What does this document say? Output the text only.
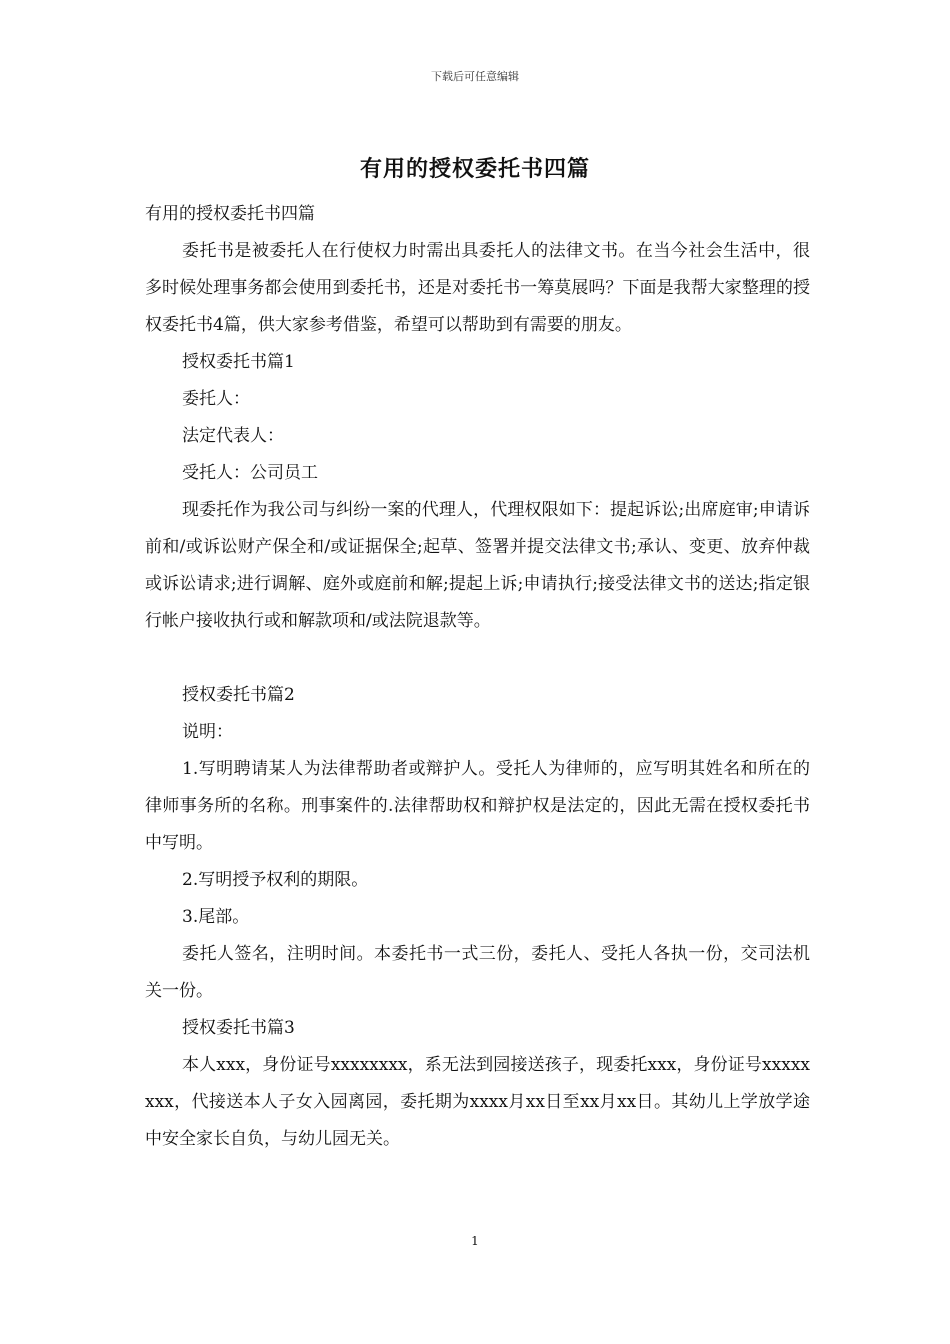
下载后可任意编辑
有用的授权委托书四篇

有用的授权委托书四篇

委托书是被委托人在行使权力时需出具委托人的法律文书。在当今社会生活中，很多时候处理事务都会使用到委托书，还是对委托书一筹莫展吗？下面是我帮大家整理的授权委托书4篇，供大家参考借鉴，希望可以帮助到有需要的朋友。

授权委托书篇1

委托人：

法定代表人：

受托人：公司员工

现委托作为我公司与纠纷一案的代理人，代理权限如下：提起诉讼;出席庭审;申请诉前和/或诉讼财产保全和/或证据保全;起草、签署并提交法律文书;承认、变更、放弃仲裁或诉讼请求;进行调解、庭外或庭前和解;提起上诉;申请执行;接受法律文书的送达;指定银行帐户接收执行或和解款项和/或法院退款等。

授权委托书篇2

说明：

1.写明聘请某人为法律帮助者或辩护人。受托人为律师的，应写明其姓名和所在的律师事务所的名称。刑事案件的.法律帮助权和辩护权是法定的，因此无需在授权委托书中写明。

2.写明授予权利的期限。

3.尾部。

委托人签名，注明时间。本委托书一式三份，委托人、受托人各执一份，交司法机关一份。

授权委托书篇3

本人xxx，身份证号xxxxxxxx，系无法到园接送孩子，现委托xxx，身份证号xxxxxxxx，代接送本人子女入园离园，委托期为xxxx月xx日至xx月xx日。其幼儿上学放学途中安全家长自负，与幼儿园无关。

1
